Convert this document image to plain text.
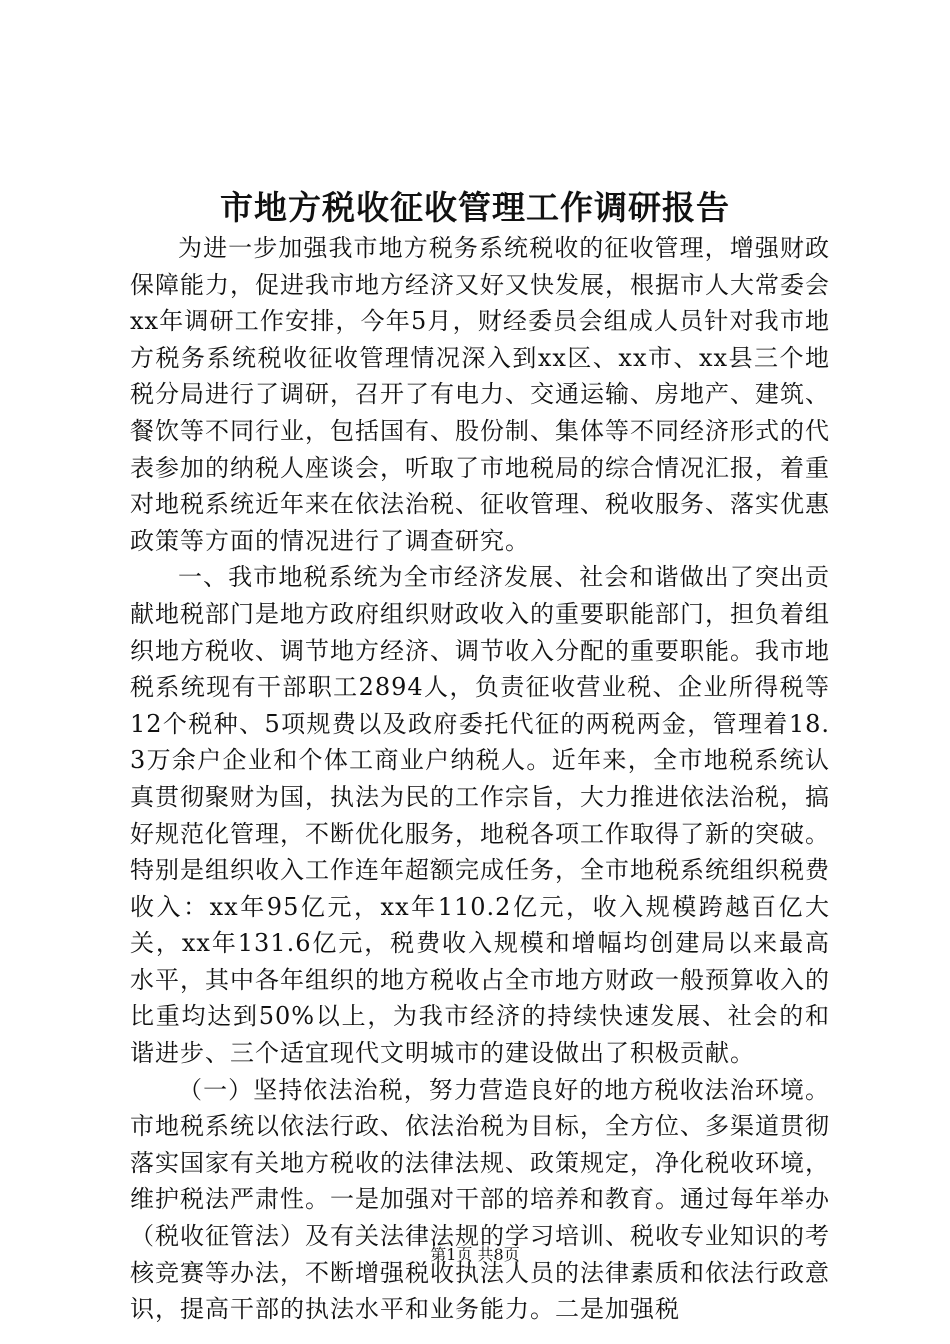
市地方税收征收管理工作调研报告

为进一步加强我市地方税务系统税收的征收管理，增强财政保障能力，促进我市地方经济又好又快发展，根据市人大常委会xx年调研工作安排，今年5月，财经委员会组成人员针对我市地方税务系统税收征收管理情况深入到xx区、xx市、xx县三个地税分局进行了调研，召开了有电力、交通运输、房地产、建筑、餐饮等不同行业，包括国有、股份制、集体等不同经济形式的代表参加的纳税人座谈会，听取了市地税局的综合情况汇报，着重对地税系统近年来在依法治税、征收管理、税收服务、落实优惠政策等方面的情况进行了调查研究。

一、我市地税系统为全市经济发展、社会和谐做出了突出贡献地税部门是地方政府组织财政收入的重要职能部门，担负着组织地方税收、调节地方经济、调节收入分配的重要职能。我市地税系统现有干部职工2894人，负责征收营业税、企业所得税等12个税种、5项规费以及政府委托代征的两税两金，管理着18.3万余户企业和个体工商业户纳税人。近年来，全市地税系统认真贯彻聚财为国，执法为民的工作宗旨，大力推进依法治税，搞好规范化管理，不断优化服务，地税各项工作取得了新的突破。特别是组织收入工作连年超额完成任务，全市地税系统组织税费收入：xx年95亿元，xx年110.2亿元，收入规模跨越百亿大关，xx年131.6亿元，税费收入规模和增幅均创建局以来最高水平，其中各年组织的地方税收占全市地方财政一般预算收入的比重均达到50%以上，为我市经济的持续快速发展、社会的和谐进步、三个适宜现代文明城市的建设做出了积极贡献。

（一）坚持依法治税，努力营造良好的地方税收法治环境。市地税系统以依法行政、依法治税为目标，全方位、多渠道贯彻落实国家有关地方税收的法律法规、政策规定，净化税收环境，维护税法严肃性。一是加强对干部的培养和教育。通过每年举办（税收征管法）及有关法律法规的学习培训、税收专业知识的考核竞赛等办法，不断增强税收执法人员的法律素质和依法行政意识，提高干部的执法水平和业务能力。二是加强税

第1页 共8页
